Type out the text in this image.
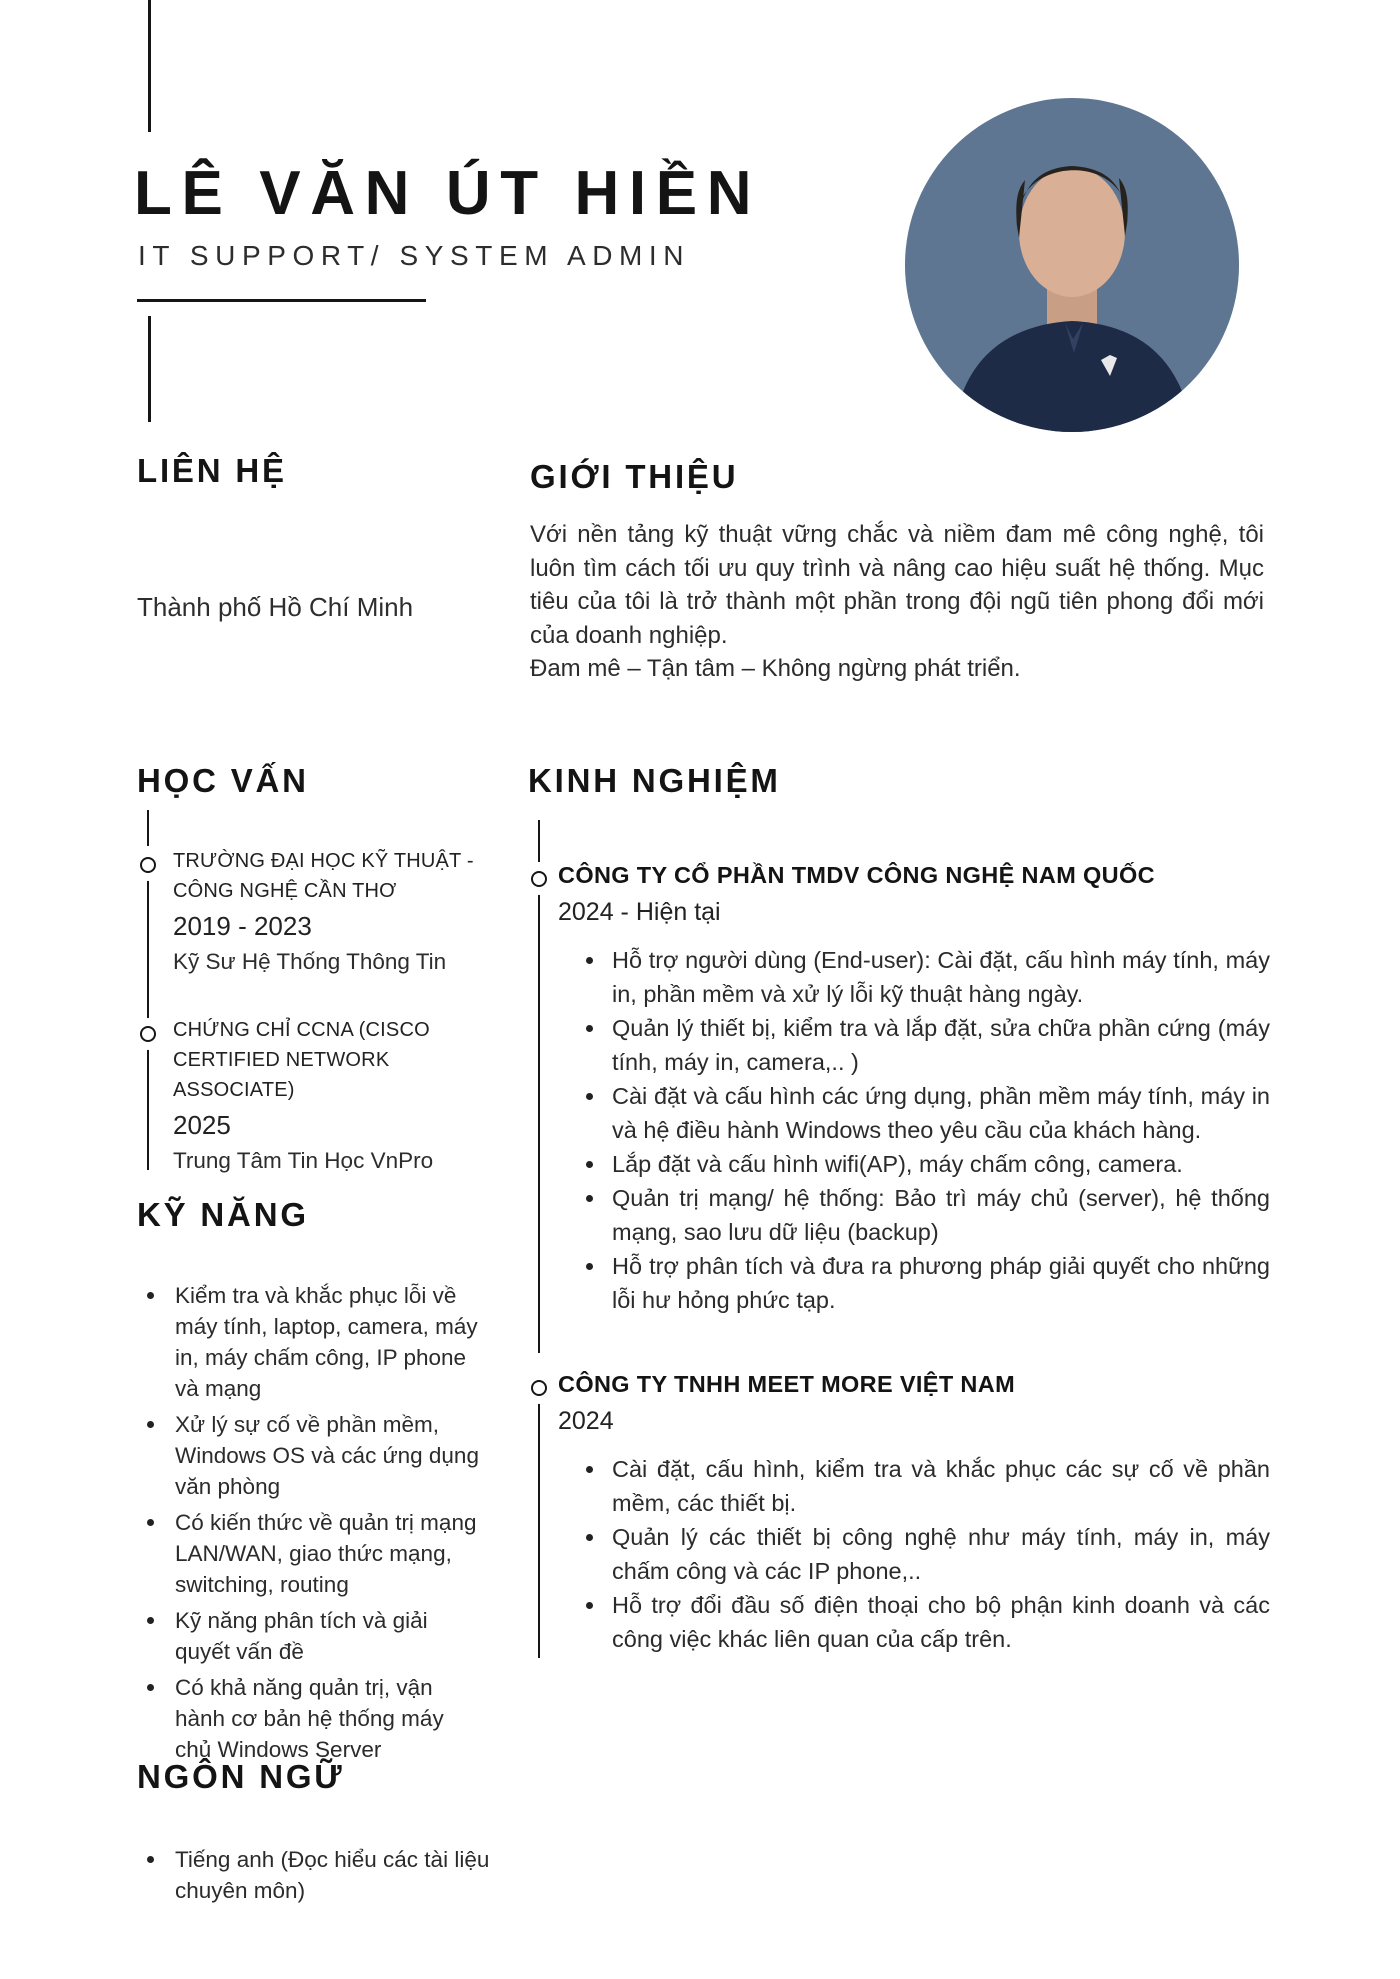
LÊ VĂN ÚT HIỀN
IT SUPPORT/ SYSTEM ADMIN
LIÊN HỆ
Thành phố Hồ Chí Minh
HỌC VẤN
TRƯỜNG ĐẠI HỌC KỸ THUẬT - CÔNG NGHỆ CẦN THƠ
2019 - 2023
Kỹ Sư Hệ Thống Thông Tin
CHỨNG CHỈ CCNA (CISCO CERTIFIED NETWORK ASSOCIATE)
2025
Trung Tâm Tin Học VnPro
KỸ NĂNG
Kiểm tra và khắc phục lỗi về máy tính, laptop, camera, máy in, máy chấm công, IP phone và mạng
Xử lý sự cố về phần mềm, Windows OS và các ứng dụng văn phòng
Có kiến thức về quản trị mạng LAN/WAN, giao thức mạng, switching, routing
Kỹ năng phân tích và giải quyết vấn đề
Có khả năng quản trị, vận hành cơ bản hệ thống máy chủ Windows Server
NGÔN NGỮ
Tiếng anh (Đọc hiểu các tài liệu chuyên môn)
GIỚI THIỆU
Với nền tảng kỹ thuật vững chắc và niềm đam mê công nghệ, tôi luôn tìm cách tối ưu quy trình và nâng cao hiệu suất hệ thống. Mục tiêu của tôi là trở thành một phần trong đội ngũ tiên phong đổi mới của doanh nghiệp.
Đam mê – Tận tâm – Không ngừng phát triển.
KINH NGHIỆM
CÔNG TY CỔ PHẦN TMDV CÔNG NGHỆ NAM QUỐC
2024 - Hiện tại
Hỗ trợ người dùng (End-user): Cài đặt, cấu hình máy tính, máy in, phần mềm và xử lý lỗi kỹ thuật hàng ngày.
Quản lý thiết bị, kiểm tra và lắp đặt, sửa chữa phần cứng (máy tính, máy in, camera,.. )
Cài đặt và cấu hình các ứng dụng, phần mềm máy tính, máy in và hệ điều hành Windows theo yêu cầu của khách hàng.
Lắp đặt và cấu hình wifi(AP), máy chấm công, camera.
Quản trị mạng/ hệ thống: Bảo trì máy chủ (server), hệ thống mạng, sao lưu dữ liệu (backup)
Hỗ trợ phân tích và đưa ra phương pháp giải quyết cho những lỗi hư hỏng phức tạp.
CÔNG TY TNHH MEET MORE VIỆT NAM
2024
Cài đặt, cấu hình, kiểm tra và khắc phục các sự cố về phần mềm, các thiết bị.
Quản lý các thiết bị công nghệ như máy tính, máy in, máy chấm công và các IP phone,..
Hỗ trợ đổi đầu số điện thoại cho bộ phận kinh doanh và các công việc khác liên quan của cấp trên.
